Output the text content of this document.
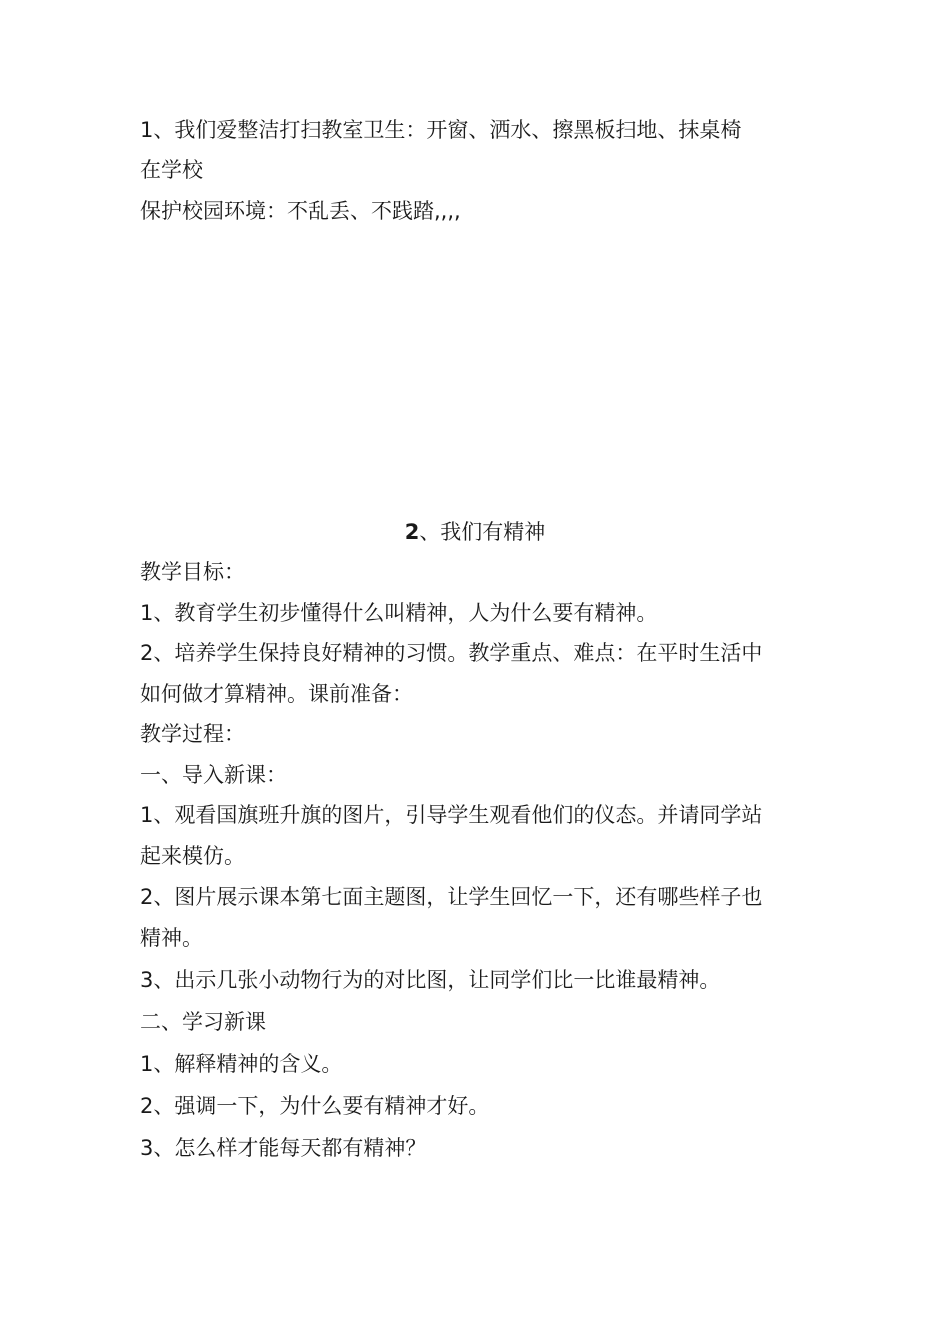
1、我们爱整洁打扫教室卫生：开窗、洒水、擦黑板扫地、抹桌椅
在学校
保护校园环境：不乱丢、不践踏,,,,
2、我们有精神
教学目标：
1、教育学生初步懂得什么叫精神，人为什么要有精神。
2、培养学生保持良好精神的习惯。教学重点、难点：在平时生活中
如何做才算精神。课前准备：
教学过程：
一、导入新课：
1、观看国旗班升旗的图片，引导学生观看他们的仪态。并请同学站
起来模仿。
2、图片展示课本第七面主题图，让学生回忆一下，还有哪些样子也
精神。
3、出示几张小动物行为的对比图，让同学们比一比谁最精神。
二、学习新课
1、解释精神的含义。
2、强调一下，为什么要有精神才好。
3、怎么样才能每天都有精神？
